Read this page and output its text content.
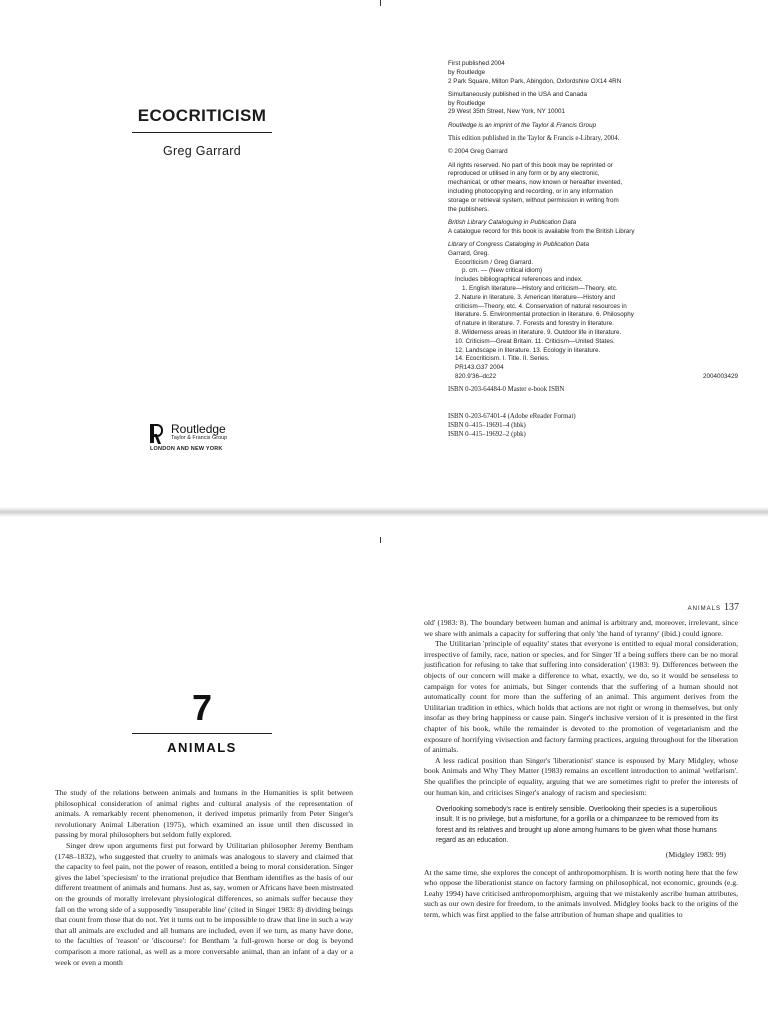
ECOCRITICISM
Greg Garrard

Routledge
Taylor & Francis Group
LONDON AND NEW YORK

First published 2004
by Routledge
2 Park Square, Milton Park, Abingdon, Oxfordshire OX14 4RN

Simultaneously published in the USA and Canada
by Routledge
29 West 35th Street, New York, NY 10001

Routledge is an imprint of the Taylor & Francis Group

This edition published in the Taylor & Francis e-Library, 2004.

© 2004 Greg Garrard

All rights reserved. No part of this book may be reprinted or
reproduced or utilised in any form or by any electronic,
mechanical, or other means, now known or hereafter invented,
including photocopying and recording, or in any information
storage or retrieval system, without permission in writing from
the publishers.

British Library Cataloguing in Publication Data
A catalogue record for this book is available from the British Library

Library of Congress Cataloging in Publication Data
Garrard, Greg.
Ecocriticism / Greg Garrard.
p. cm. — (New critical idiom)
Includes bibliographical references and index.
1. English literature—History and criticism—Theory, etc.
2. Nature in literature. 3. American literature—History and
criticism—Theory, etc. 4. Conservation of natural resources in
literature. 5. Environmental protection in literature. 6. Philosophy
of nature in literature. 7. Forests and forestry in literature.
8. Wilderness areas in literature. 9. Outdoor life in literature.
10. Criticism—Great Britain. 11. Criticism—United States.
12. Landscape in literature. 13. Ecology in literature.
14. Ecocriticism. I. Title. II. Series.
PR143.G37 2004
820.9'36–dc22	2004003429

ISBN 0-203-64484-0 Master e-book ISBN

ISBN 0-203-67401-4 (Adobe eReader Format)
ISBN 0–415–19691–4 (hbk)
ISBN 0–415–19692–2 (pbk)

7
ANIMALS

The study of the relations between animals and humans in the Humanities is split between philosophical consideration of animal rights and cultural analysis of the representation of animals. A remarkably recent phenomenon, it derived impetus primarily from Peter Singer's revolutionary Animal Liberation (1975), which examined an issue until then discussed in passing by moral philosophers but seldom fully explored.

Singer drew upon arguments first put forward by Utilitarian philosopher Jeremy Bentham (1748–1832), who suggested that cruelty to animals was analogous to slavery and claimed that the capacity to feel pain, not the power of reason, entitled a being to moral consideration. Singer gives the label 'speciesism' to the irrational prejudice that Bentham identifies as the basis of our different treatment of animals and humans. Just as, say, women or Africans have been mistreated on the grounds of morally irrelevant physiological differences, so animals suffer because they fall on the wrong side of a supposedly 'insuperable line' (cited in Singer 1983: 8) dividing beings that count from those that do not. Yet it turns out to be impossible to draw that line in such a way that all animals are excluded and all humans are included, even if we turn, as many have done, to the faculties of 'reason' or 'discourse': for Bentham 'a full-grown horse or dog is beyond comparison a more rational, as well as a more conversable animal, than an infant of a day or a week or even a month

ANIMALS 137

old' (1983: 8). The boundary between human and animal is arbitrary and, moreover, irrelevant, since we share with animals a capacity for suffering that only 'the hand of tyranny' (ibid.) could ignore.

The Utilitarian 'principle of equality' states that everyone is entitled to equal moral consideration, irrespective of family, race, nation or species, and for Singer 'If a being suffers there can be no moral justification for refusing to take that suffering into consideration' (1983: 9). Differences between the objects of our concern will make a difference to what, exactly, we do, so it would be senseless to campaign for votes for animals, but Singer contends that the suffering of a human should not automatically count for more than the suffering of an animal. This argument derives from the Utilitarian tradition in ethics, which holds that actions are not right or wrong in themselves, but only insofar as they bring happiness or cause pain. Singer's inclusive version of it is presented in the first chapter of his book, while the remainder is devoted to the promotion of vegetarianism and the exposure of horrifying vivisection and factory farming practices, arguing throughout for the liberation of animals.

A less radical position than Singer's 'liberationist' stance is espoused by Mary Midgley, whose book Animals and Why They Matter (1983) remains an excellent introduction to animal 'welfarism'. She qualifies the principle of equality, arguing that we are sometimes right to prefer the interests of our human kin, and criticises Singer's analogy of racism and speciesism:

Overlooking somebody's race is entirely sensible. Overlooking their species is a supercilious insult. It is no privilege, but a misfortune, for a gorilla or a chimpanzee to be removed from its forest and its relatives and brought up alone among humans to be given what those humans regard as an education.
(Midgley 1983: 99)

At the same time, she explores the concept of anthropomorphism. It is worth noting here that the few who oppose the liberationist stance on factory farming on philosophical, not economic, grounds (e.g. Leahy 1994) have criticised anthropomorphism, arguing that we mistakenly ascribe human attributes, such as our own desire for freedom, to the animals involved. Midgley looks back to the origins of the term, which was first applied to the false attribution of human shape and qualities to
